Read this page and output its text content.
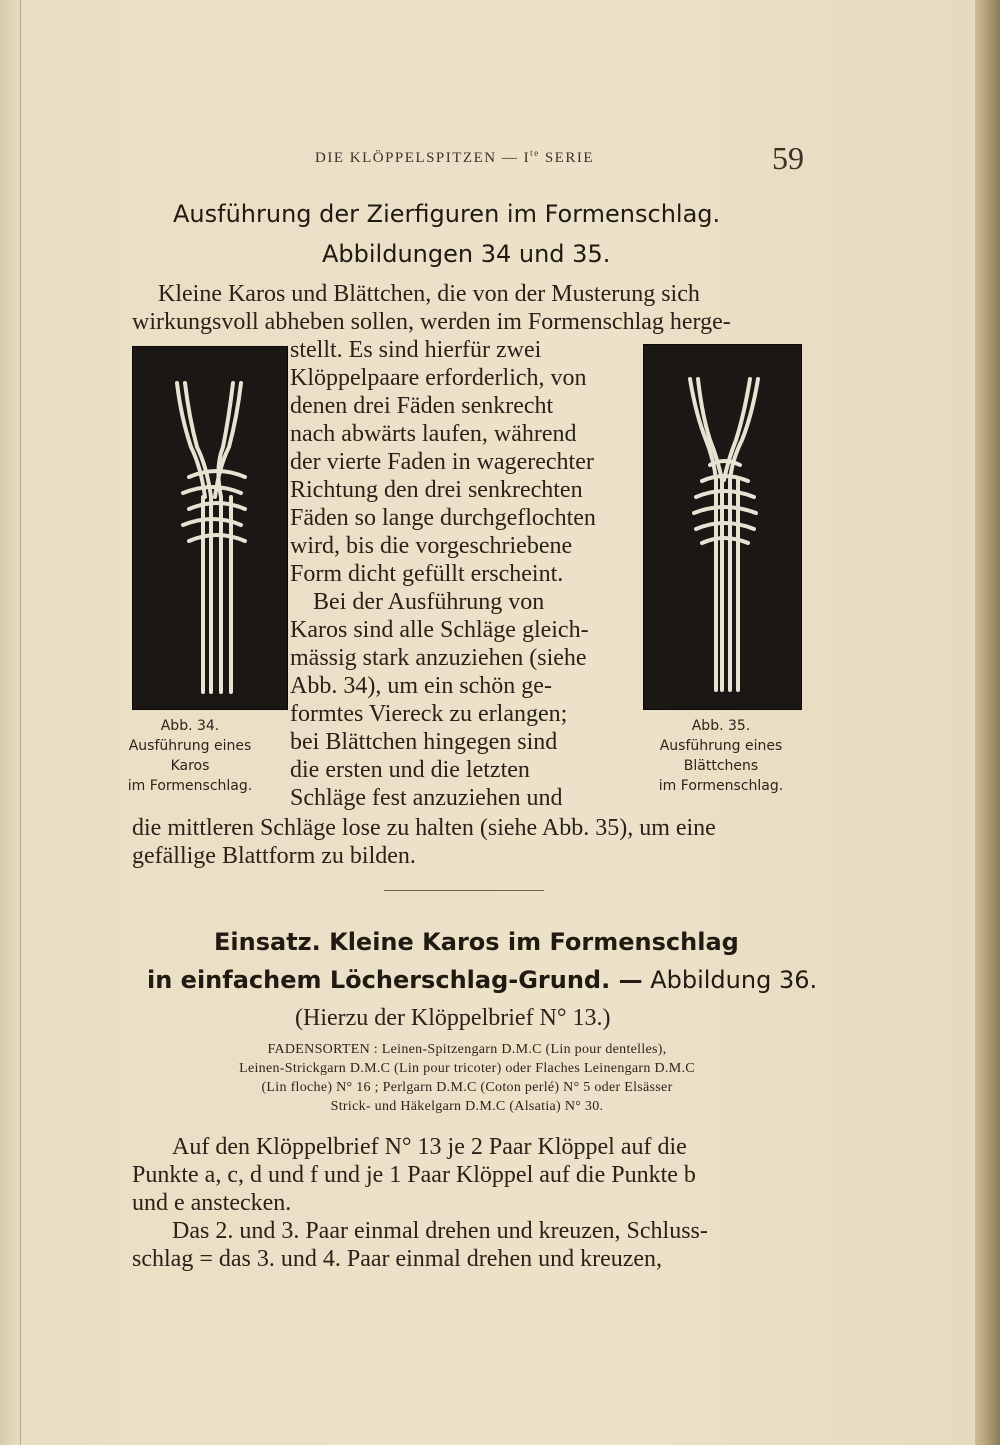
DIE KLÖPPELSPITZEN — $I^{te}$ SERIE	59
Ausführung der Zierfiguren im Formenschlag.
Abbildungen 34 und 35.
Kleine Karos und Blättchen, die von der Musterung sich
wirkungsvoll abheben sollen, werden im Formenschlag herge-
stellt. Es sind hierfür zwei
Klöppelpaare erforderlich, von
denen drei Fäden senkrecht
nach abwärts laufen, während
der vierte Faden in wagerechter
Richtung den drei senkrechten
Fäden so lange durchgeflochten
wird, bis die vorgeschriebene
Form dicht gefüllt erscheint.
Bei der Ausführung von
Karos sind alle Schläge gleich-
mässig stark anzuziehen (siehe
Abb. 34), um ein schön ge-
formtes Viereck zu erlangen;
bei Blättchen hingegen sind
die ersten und die letzten
Schläge fest anzuziehen und
die mittleren Schläge lose zu halten (siehe Abb. 35), um eine
gefällige Blattform zu bilden.
Abb. 34.
Ausführung eines
Karos
im Formenschlag.
Abb. 35.
Ausführung eines
Blättchens
im Formenschlag.
Einsatz. Kleine Karos im Formenschlag
in einfachem Löcherschlag-Grund. — Abbildung 36.
(Hierzu der Klöppelbrief N° 13.)
FADENSORTEN : Leinen-Spitzengarn D.M.C (Lin pour dentelles),
Leinen-Strickgarn D.M.C (Lin pour tricoter) oder Flaches Leinengarn D.M.C
(Lin floche) N° 16 ; Perlgarn D.M.C (Coton perlé) N° 5 oder Elsässer
Strick- und Häkelgarn D.M.C (Alsatia) N° 30.
Auf den Klöppelbrief N° 13 je 2 Paar Klöppel auf die
Punkte a, c, d und f und je 1 Paar Klöppel auf die Punkte b
und e anstecken.
Das 2. und 3. Paar einmal drehen und kreuzen, Schluss-
schlag = das 3. und 4. Paar einmal drehen und kreuzen,
